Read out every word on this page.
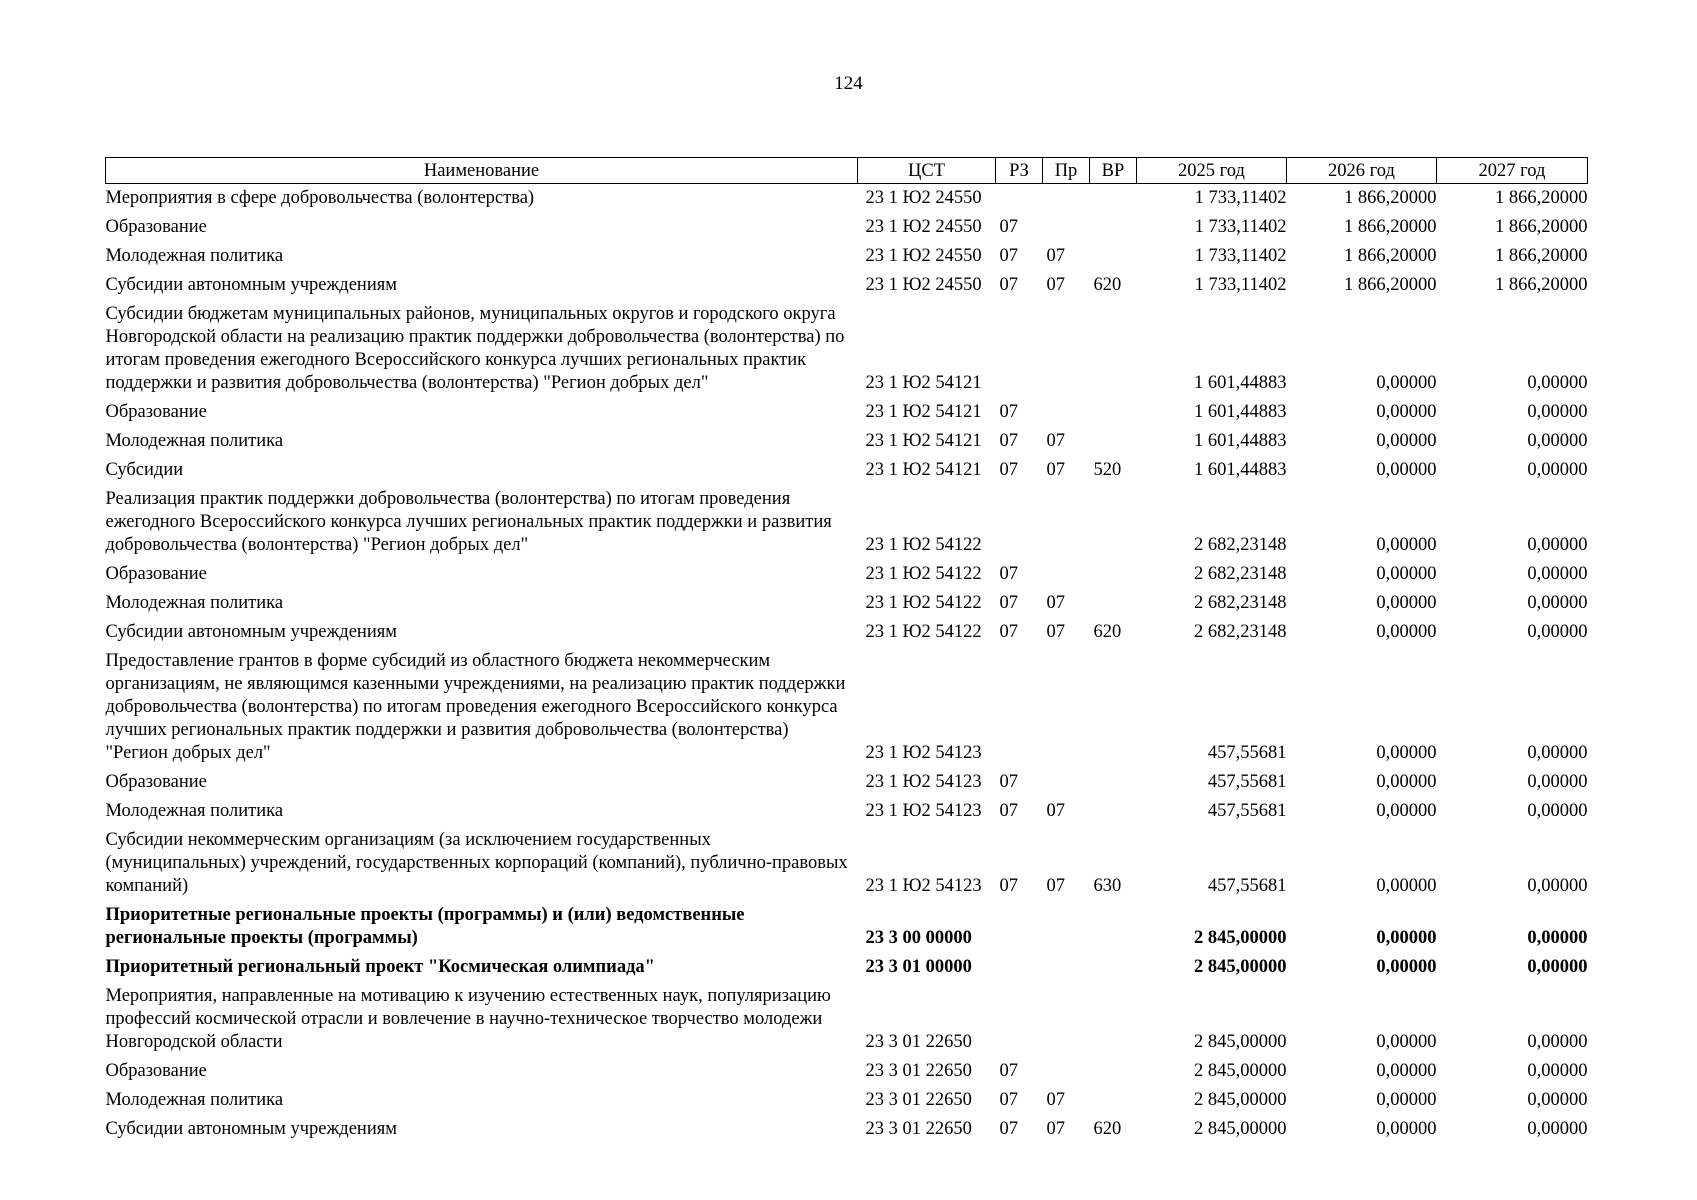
124
Наименование	ЦСТ	РЗ	Пр	ВР	2025 год	2026 год	2027 год
Мероприятия в сфере добровольчества (волонтерства)	23 1 Ю2 24550				1 733,11402	1 866,20000	1 866,20000
Образование	23 1 Ю2 24550	07			1 733,11402	1 866,20000	1 866,20000
Молодежная политика	23 1 Ю2 24550	07	07		1 733,11402	1 866,20000	1 866,20000
Субсидии автономным учреждениям	23 1 Ю2 24550	07	07	620	1 733,11402	1 866,20000	1 866,20000
Субсидии бюджетам муниципальных районов, муниципальных округов и городского округа Новгородской области на реализацию практик поддержки добровольчества (волонтерства) по итогам проведения ежегодного Всероссийского конкурса лучших региональных практик поддержки и развития добровольчества (волонтерства) "Регион добрых дел"	23 1 Ю2 54121				1 601,44883	0,00000	0,00000
Образование	23 1 Ю2 54121	07			1 601,44883	0,00000	0,00000
Молодежная политика	23 1 Ю2 54121	07	07		1 601,44883	0,00000	0,00000
Субсидии	23 1 Ю2 54121	07	07	520	1 601,44883	0,00000	0,00000
Реализация практик поддержки добровольчества (волонтерства) по итогам проведения ежегодного Всероссийского конкурса лучших региональных практик поддержки и развития добровольчества (волонтерства) "Регион добрых дел"	23 1 Ю2 54122				2 682,23148	0,00000	0,00000
Образование	23 1 Ю2 54122	07			2 682,23148	0,00000	0,00000
Молодежная политика	23 1 Ю2 54122	07	07		2 682,23148	0,00000	0,00000
Субсидии автономным учреждениям	23 1 Ю2 54122	07	07	620	2 682,23148	0,00000	0,00000
Предоставление грантов в форме субсидий из областного бюджета некоммерческим организациям, не являющимся казенными учреждениями, на реализацию практик поддержки добровольчества (волонтерства) по итогам проведения ежегодного Всероссийского конкурса лучших региональных практик поддержки и развития добровольчества (волонтерства) "Регион добрых дел"	23 1 Ю2 54123				457,55681	0,00000	0,00000
Образование	23 1 Ю2 54123	07			457,55681	0,00000	0,00000
Молодежная политика	23 1 Ю2 54123	07	07		457,55681	0,00000	0,00000
Субсидии некоммерческим организациям (за исключением государственных (муниципальных) учреждений, государственных корпораций (компаний), публично-правовых компаний)	23 1 Ю2 54123	07	07	630	457,55681	0,00000	0,00000
Приоритетные региональные проекты (программы) и (или) ведомственные региональные проекты (программы)	23 3 00 00000				2 845,00000	0,00000	0,00000
Приоритетный региональный проект "Космическая олимпиада"	23 3 01 00000				2 845,00000	0,00000	0,00000
Мероприятия, направленные на мотивацию к изучению естественных наук, популяризацию профессий космической отрасли и вовлечение в научно-техническое творчество молодежи Новгородской области	23 3 01 22650				2 845,00000	0,00000	0,00000
Образование	23 3 01 22650	07			2 845,00000	0,00000	0,00000
Молодежная политика	23 3 01 22650	07	07		2 845,00000	0,00000	0,00000
Субсидии автономным учреждениям	23 3 01 22650	07	07	620	2 845,00000	0,00000	0,00000
